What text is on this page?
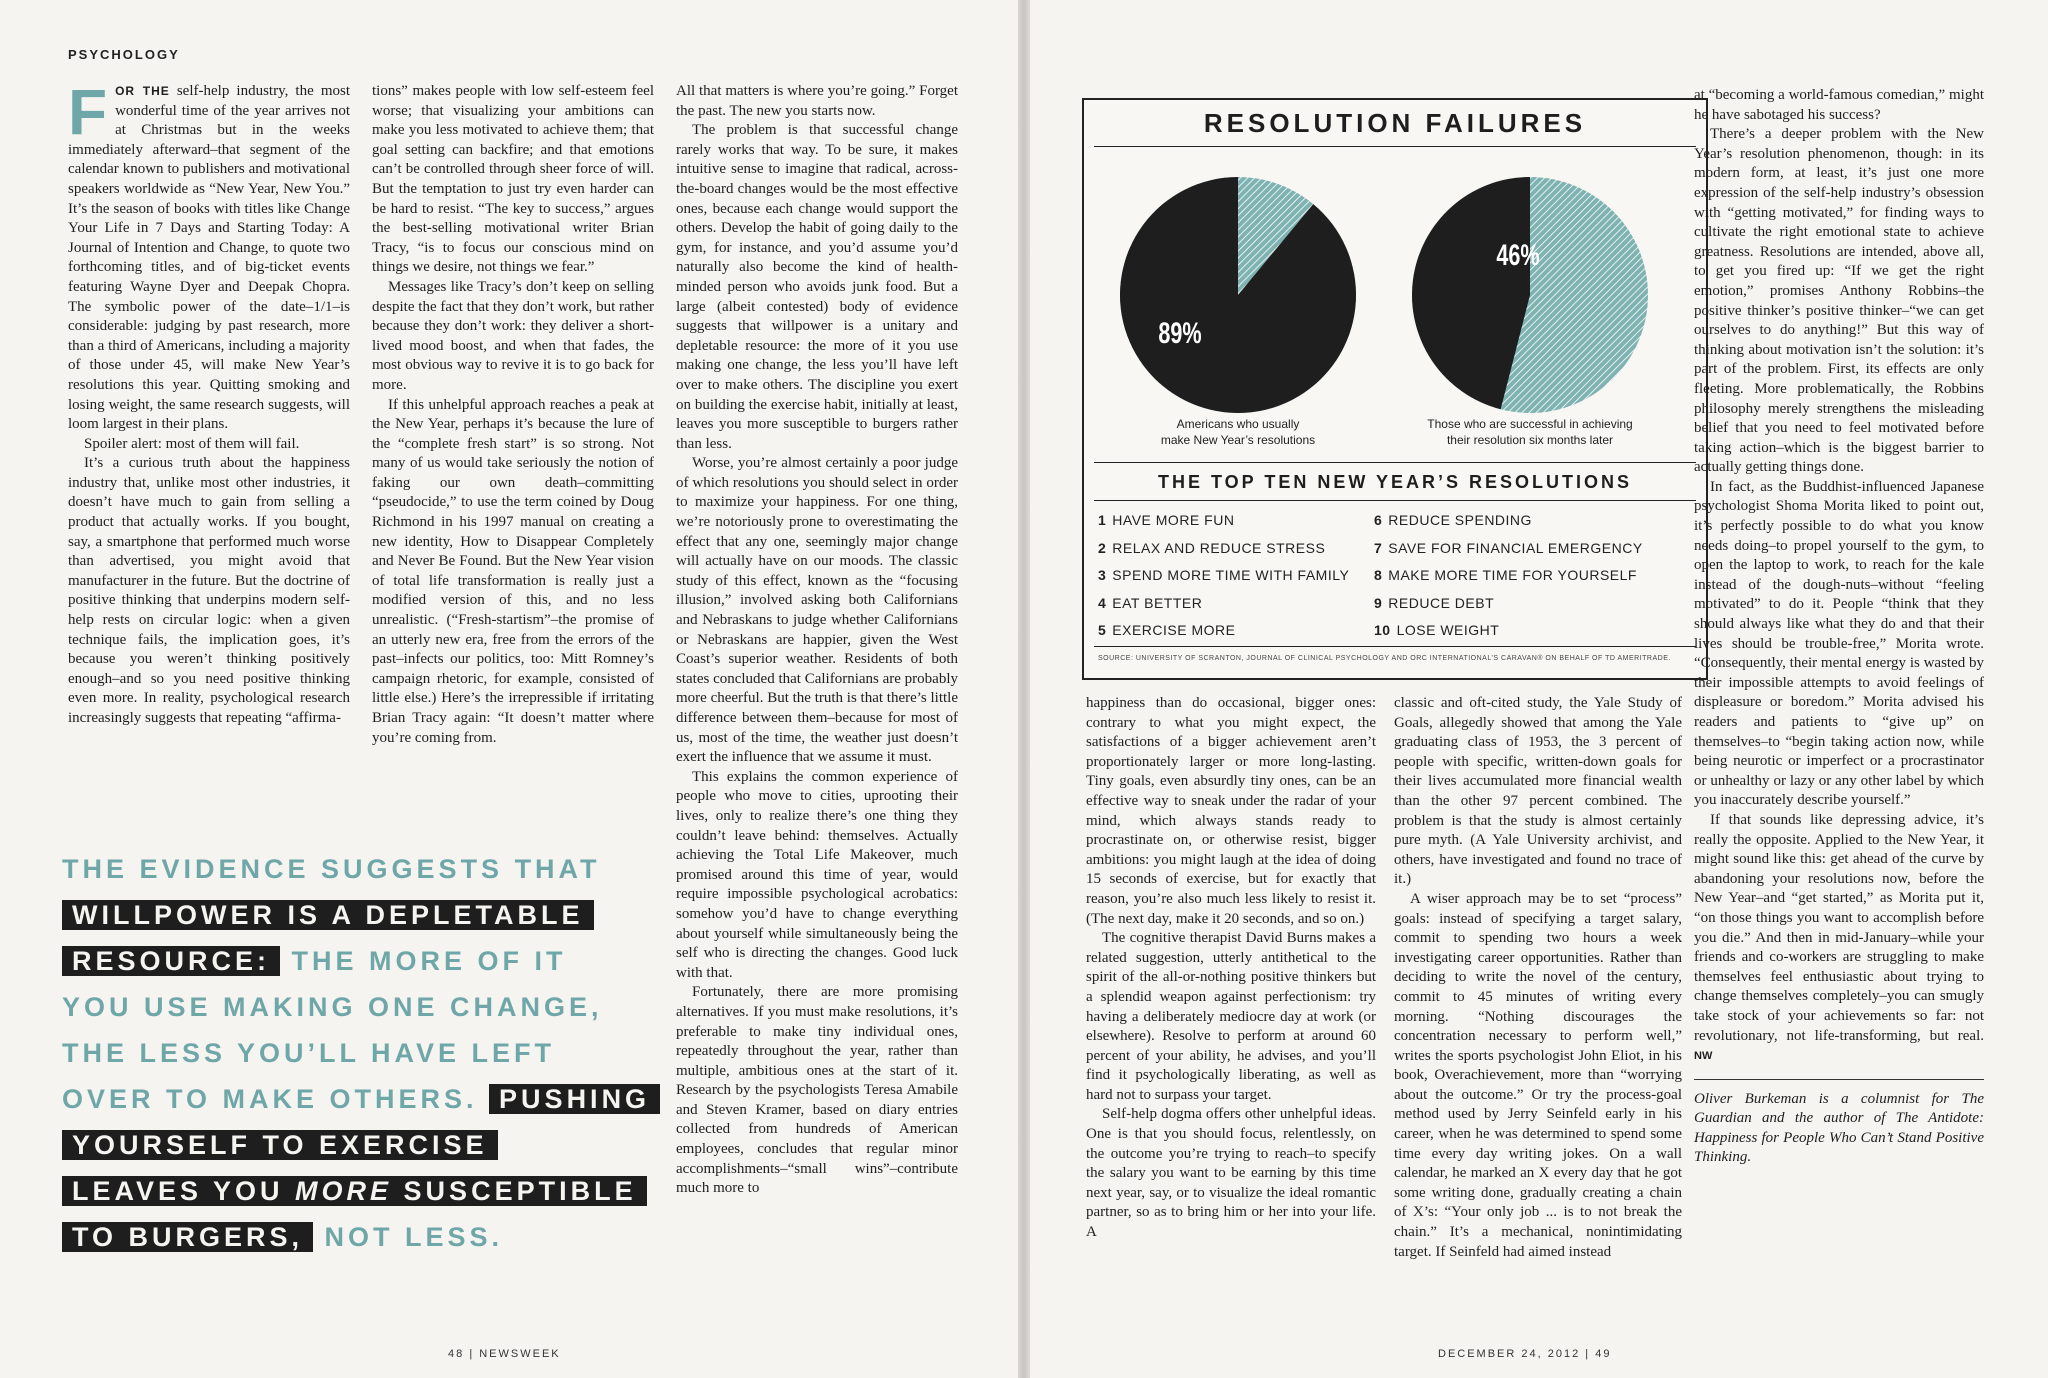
PSYCHOLOGY

FOR THE self-help industry, the most wonderful time of the year arrives not at Christmas but in the weeks immediately afterward–that segment of the calendar known to publishers and motivational speakers worldwide as “New Year, New You.” It’s the season of books with titles like Change Your Life in 7 Days and Starting Today: A Journal of Intention and Change, to quote two forthcoming titles, and of big-ticket events featuring Wayne Dyer and Deepak Chopra. The symbolic power of the date–1/1–is considerable: judging by past research, more than a third of Americans, including a majority of those under 45, will make New Year’s resolutions this year. Quitting smoking and losing weight, the same research suggests, will loom largest in their plans.

Spoiler alert: most of them will fail.

It’s a curious truth about the happiness industry that, unlike most other industries, it doesn’t have much to gain from selling a product that actually works. If you bought, say, a smartphone that performed much worse than advertised, you might avoid that manufacturer in the future. But the doctrine of positive thinking that underpins modern self-help rests on circular logic: when a given technique fails, the implication goes, it’s because you weren’t thinking positively enough–and so you need positive thinking even more. In reality, psychological research increasingly suggests that repeating “affirma-

tions” makes people with low self-esteem feel worse; that visualizing your ambitions can make you less motivated to achieve them; that goal setting can backfire; and that emotions can’t be controlled through sheer force of will. But the temptation to just try even harder can be hard to resist. “The key to success,” argues the best-selling motivational writer Brian Tracy, “is to focus our conscious mind on things we desire, not things we fear.”

Messages like Tracy’s don’t keep on selling despite the fact that they don’t work, but rather because they don’t work: they deliver a short-lived mood boost, and when that fades, the most obvious way to revive it is to go back for more.

If this unhelpful approach reaches a peak at the New Year, perhaps it’s because the lure of the “complete fresh start” is so strong. Not many of us would take seriously the notion of faking our own death–committing “pseudocide,” to use the term coined by Doug Richmond in his 1997 manual on creating a new identity, How to Disappear Completely and Never Be Found. But the New Year vision of total life transformation is really just a modified version of this, and no less unrealistic. (“Fresh-startism”–the promise of an utterly new era, free from the errors of the past–infects our politics, too: Mitt Romney’s campaign rhetoric, for example, consisted of little else.) Here’s the irrepressible if irritating Brian Tracy again: “It doesn’t matter where you’re coming from.

All that matters is where you’re going.” Forget the past. The new you starts now.

The problem is that successful change rarely works that way. To be sure, it makes intuitive sense to imagine that radical, across-the-board changes would be the most effective ones, because each change would support the others. Develop the habit of going daily to the gym, for instance, and you’d assume you’d naturally also become the kind of health-minded person who avoids junk food. But a large (albeit contested) body of evidence suggests that willpower is a unitary and depletable resource: the more of it you use making one change, the less you’ll have left over to make others. The discipline you exert on building the exercise habit, initially at least, leaves you more susceptible to burgers rather than less.

Worse, you’re almost certainly a poor judge of which resolutions you should select in order to maximize your happiness. For one thing, we’re notoriously prone to overestimating the effect that any one, seemingly major change will actually have on our moods. The classic study of this effect, known as the “focusing illusion,” involved asking both Californians and Nebraskans to judge whether Californians or Nebraskans are happier, given the West Coast’s superior weather. Residents of both states concluded that Californians are probably more cheerful. But the truth is that there’s little difference between them–because for most of us, most of the time, the weather just doesn’t exert the influence that we assume it must.

This explains the common experience of people who move to cities, uprooting their lives, only to realize there’s one thing they couldn’t leave behind: themselves. Actually achieving the Total Life Makeover, much promised around this time of year, would require impossible psychological acrobatics: somehow you’d have to change everything about yourself while simultaneously being the self who is directing the changes. Good luck with that.

Fortunately, there are more promising alternatives. If you must make resolutions, it’s preferable to make tiny individual ones, repeatedly throughout the year, rather than multiple, ambitious ones at the start of it. Research by the psychologists Teresa Amabile and Steven Kramer, based on diary entries collected from hundreds of American employees, concludes that regular minor accomplishments–“small wins”–contribute much more to

THE EVIDENCE SUGGESTS THAT
WILLPOWER IS A DEPLETABLE
RESOURCE: THE MORE OF IT
YOU USE MAKING ONE CHANGE,
THE LESS YOU’LL HAVE LEFT
OVER TO MAKE OTHERS. PUSHING
YOURSELF TO EXERCISE
LEAVES YOU MORE SUSCEPTIBLE
TO BURGERS, NOT LESS.
48 | NEWSWEEK
RESOLUTION FAILURES
89%
46%
Americans who usually
make New Year’s resolutions
Those who are successful in achieving
their resolution six months later
THE TOP TEN NEW YEAR’S RESOLUTIONS
1 HAVE MORE FUN
2 RELAX AND REDUCE STRESS
3 SPEND MORE TIME WITH FAMILY
4 EAT BETTER
5 EXERCISE MORE
6 REDUCE SPENDING
7 SAVE FOR FINANCIAL EMERGENCY
8 MAKE MORE TIME FOR YOURSELF
9 REDUCE DEBT
10 LOSE WEIGHT
SOURCE: UNIVERSITY OF SCRANTON, JOURNAL OF CLINICAL PSYCHOLOGY AND ORC INTERNATIONAL’S CARAVAN® ON BEHALF OF TD AMERITRADE.

happiness than do occasional, bigger ones: contrary to what you might expect, the satisfactions of a bigger achievement aren’t proportionately larger or more long-lasting. Tiny goals, even absurdly tiny ones, can be an effective way to sneak under the radar of your mind, which always stands ready to procrastinate on, or otherwise resist, bigger ambitions: you might laugh at the idea of doing 15 seconds of exercise, but for exactly that reason, you’re also much less likely to resist it. (The next day, make it 20 seconds, and so on.)

The cognitive therapist David Burns makes a related suggestion, utterly antithetical to the spirit of the all-or-nothing positive thinkers but a splendid weapon against perfectionism: try having a deliberately mediocre day at work (or elsewhere). Resolve to perform at around 60 percent of your ability, he advises, and you’ll find it psychologically liberating, as well as hard not to surpass your target.

Self-help dogma offers other unhelpful ideas. One is that you should focus, relentlessly, on the outcome you’re trying to reach–to specify the salary you want to be earning by this time next year, say, or to visualize the ideal romantic partner, so as to bring him or her into your life. A

classic and oft-cited study, the Yale Study of Goals, allegedly showed that among the Yale graduating class of 1953, the 3 percent of people with specific, written-down goals for their lives accumulated more financial wealth than the other 97 percent combined. The problem is that the study is almost certainly pure myth. (A Yale University archivist, and others, have investigated and found no trace of it.)

A wiser approach may be to set “process” goals: instead of specifying a target salary, commit to spending two hours a week investigating career opportunities. Rather than deciding to write the novel of the century, commit to 45 minutes of writing every morning. “Nothing discourages the concentration necessary to perform well,” writes the sports psychologist John Eliot, in his book, Overachievement, more than “worrying about the outcome.” Or try the process-goal method used by Jerry Seinfeld early in his career, when he was determined to spend some time every day writing jokes. On a wall calendar, he marked an X every day that he got some writing done, gradually creating a chain of X’s: “Your only job ... is to not break the chain.” It’s a mechanical, nonintimidating target. If Seinfeld had aimed instead

at “becoming a world-famous comedian,” might he have sabotaged his success?

There’s a deeper problem with the New Year’s resolution phenomenon, though: in its modern form, at least, it’s just one more expression of the self-help industry’s obsession with “getting motivated,” for finding ways to cultivate the right emotional state to achieve greatness. Resolutions are intended, above all, to get you fired up: “If we get the right emotion,” promises Anthony Robbins–the positive thinker’s positive thinker–“we can get ourselves to do anything!” But this way of thinking about motivation isn’t the solution: it’s part of the problem. First, its effects are only fleeting. More problematically, the Robbins philosophy merely strengthens the misleading belief that you need to feel motivated before taking action–which is the biggest barrier to actually getting things done.

In fact, as the Buddhist-influenced Japanese psychologist Shoma Morita liked to point out, it’s perfectly possible to do what you know needs doing–to propel yourself to the gym, to open the laptop to work, to reach for the kale instead of the dough-nuts–without “feeling motivated” to do it. People “think that they should always like what they do and that their lives should be trouble-free,” Morita wrote. “Consequently, their mental energy is wasted by their impossible attempts to avoid feelings of displeasure or boredom.” Morita advised his readers and patients to “give up” on themselves–to “begin taking action now, while being neurotic or imperfect or a procrastinator or unhealthy or lazy or any other label by which you inaccurately describe yourself.”

If that sounds like depressing advice, it’s really the opposite. Applied to the New Year, it might sound like this: get ahead of the curve by abandoning your resolutions now, before the New Year–and “get started,” as Morita put it, “on those things you want to accomplish before you die.” And then in mid-January–while your friends and co-workers are struggling to make themselves feel enthusiastic about trying to change themselves completely–you can smugly take stock of your achievements so far: not revolutionary, not life-transforming, but real. NW

Oliver Burkeman is a columnist for The Guardian and the author of The Antidote: Happiness for People Who Can’t Stand Positive Thinking.

DECEMBER 24, 2012 | 49
